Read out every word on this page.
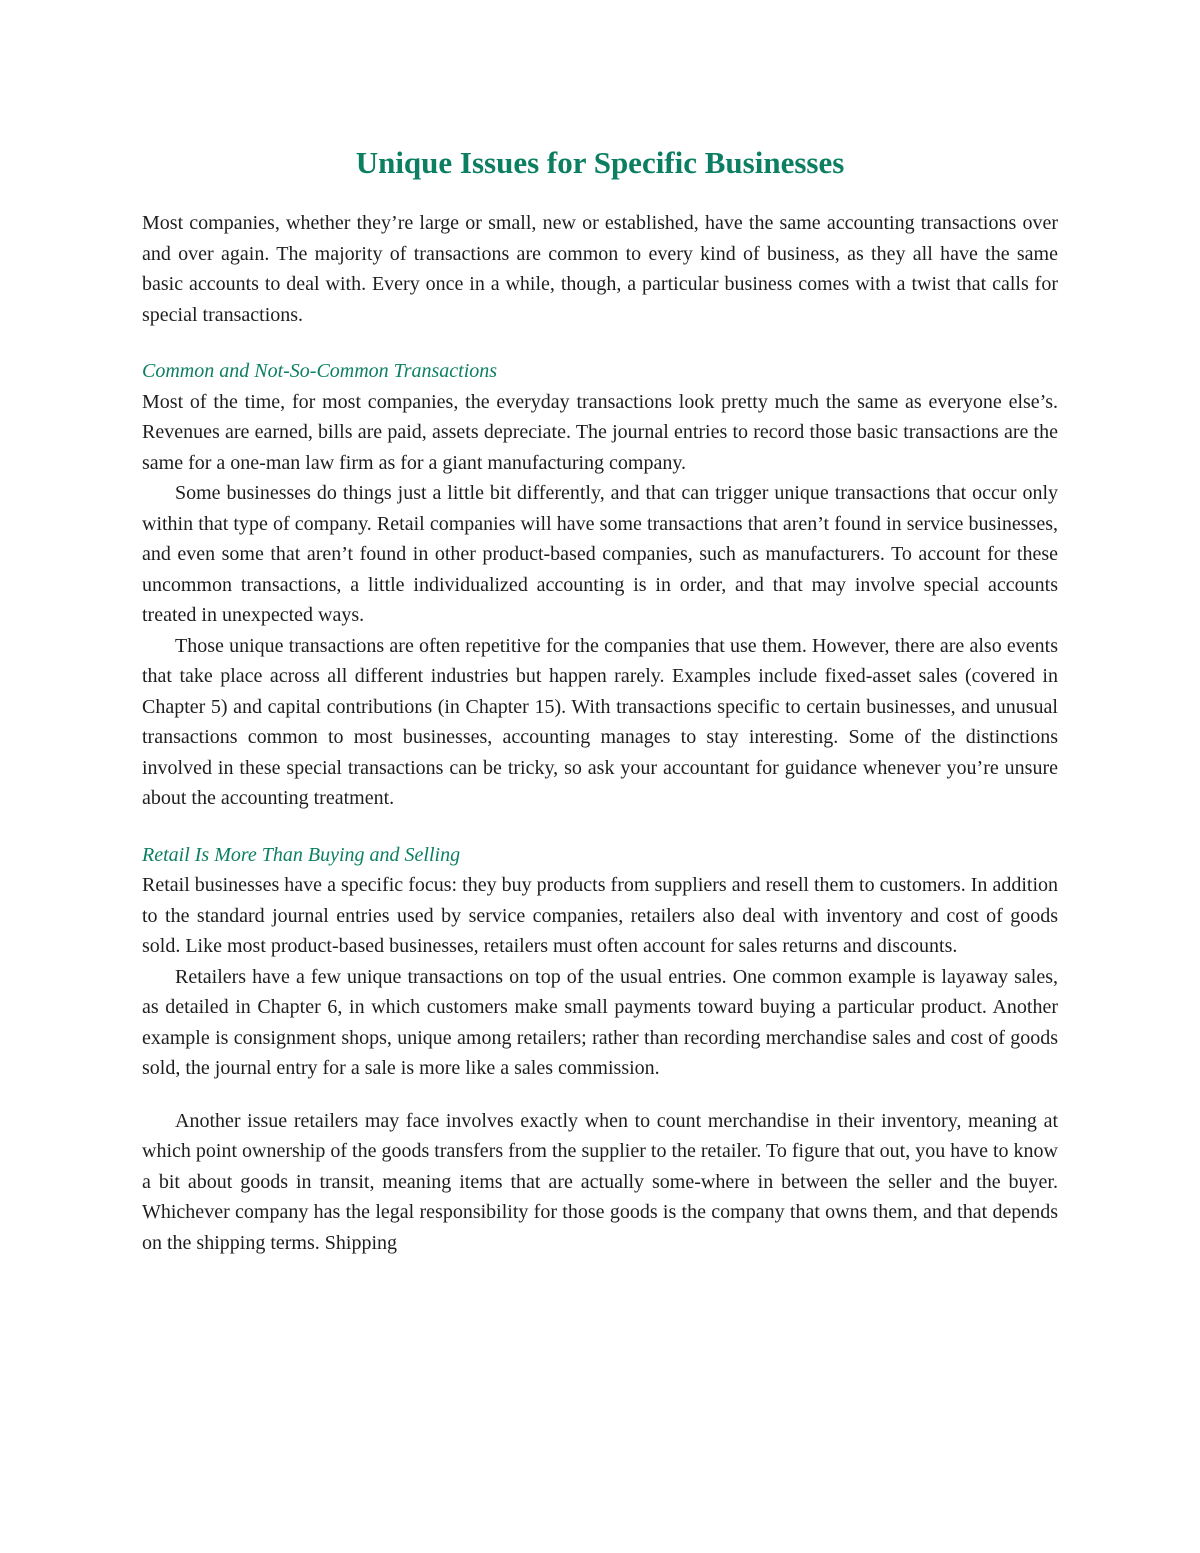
Unique Issues for Specific Businesses

Most companies, whether they’re large or small, new or established, have the same accounting transactions over and over again. The majority of transactions are common to every kind of business, as they all have the same basic accounts to deal with. Every once in a while, though, a particular business comes with a twist that calls for special transactions.

Common and Not-So-Common Transactions

Most of the time, for most companies, the everyday transactions look pretty much the same as everyone else’s. Revenues are earned, bills are paid, assets depreciate. The journal entries to record those basic transactions are the same for a one-man law firm as for a giant manufacturing company.

Some businesses do things just a little bit differently, and that can trigger unique transactions that occur only within that type of company. Retail companies will have some transactions that aren’t found in service businesses, and even some that aren’t found in other product-based companies, such as manufacturers. To account for these uncommon transactions, a little individualized accounting is in order, and that may involve special accounts treated in unexpected ways.

Those unique transactions are often repetitive for the companies that use them. However, there are also events that take place across all different industries but happen rarely. Examples include fixed-asset sales (covered in Chapter 5) and capital contributions (in Chapter 15). With transactions specific to certain businesses, and unusual transactions common to most businesses, accounting manages to stay interesting. Some of the distinctions involved in these special transactions can be tricky, so ask your accountant for guidance whenever you’re unsure about the accounting treatment.

Retail Is More Than Buying and Selling

Retail businesses have a specific focus: they buy products from suppliers and resell them to customers. In addition to the standard journal entries used by service companies, retailers also deal with inventory and cost of goods sold. Like most product-based businesses, retailers must often account for sales returns and discounts.

Retailers have a few unique transactions on top of the usual entries. One common example is layaway sales, as detailed in Chapter 6, in which customers make small payments toward buying a particular product. Another example is consignment shops, unique among retailers; rather than recording merchandise sales and cost of goods sold, the journal entry for a sale is more like a sales commission.

Another issue retailers may face involves exactly when to count merchandise in their inventory, meaning at which point ownership of the goods transfers from the supplier to the retailer. To figure that out, you have to know a bit about goods in transit, meaning items that are actually some-where in between the seller and the buyer. Whichever company has the legal responsibility for those goods is the company that owns them, and that depends on the shipping terms. Shipping
